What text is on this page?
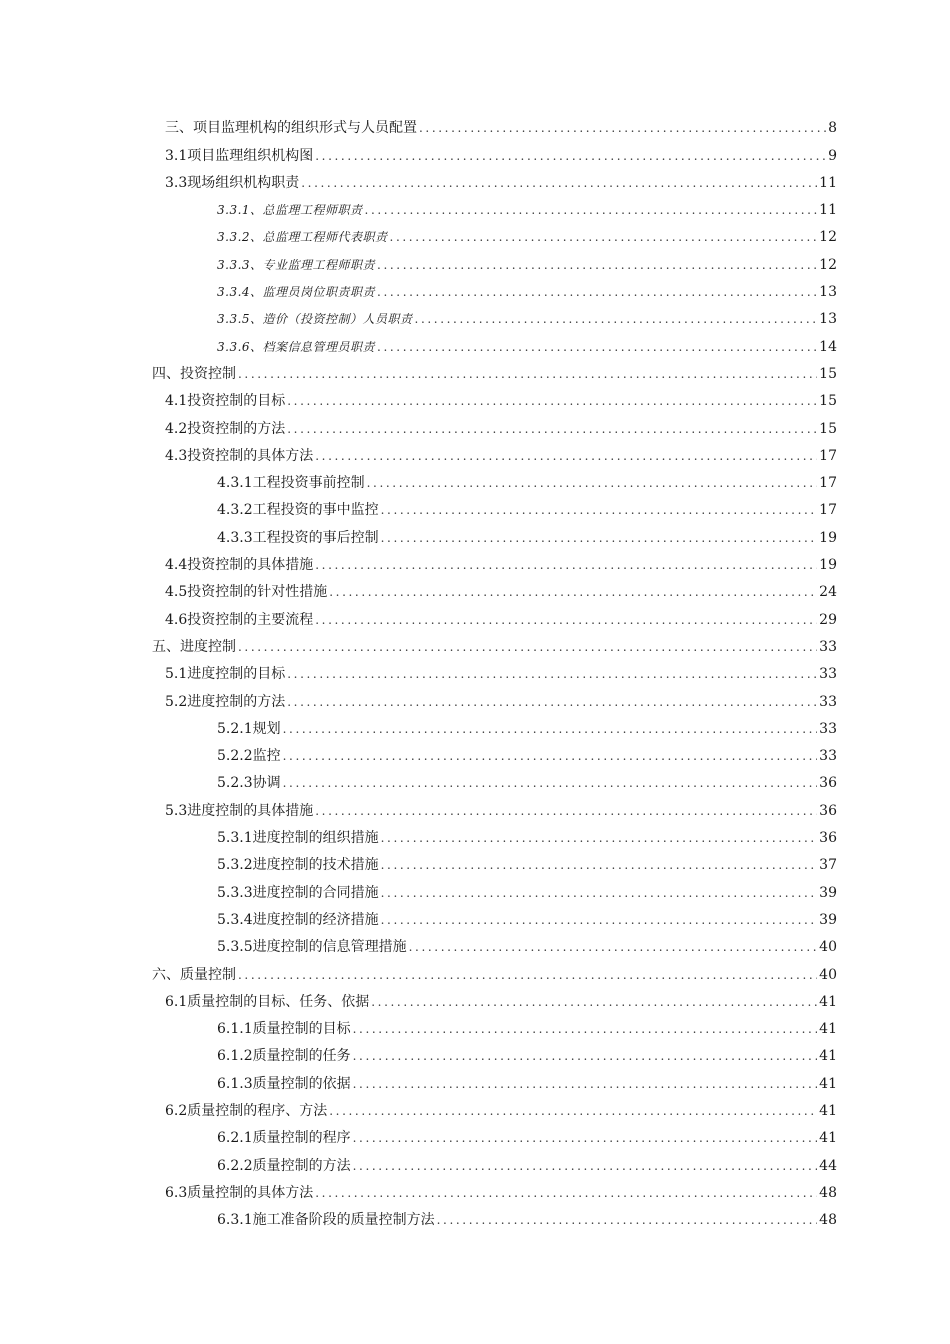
三、项目监理机构的组织形式与人员配置 .....	8
3.1项目监理组织机构图 .....	9
3.3现场组织机构职责 .....	11
3.3.1、总监理工程师职责 .....	11
3.3.2、总监理工程师代表职责 .....	12
3.3.3、专业监理工程师职责 .....	12
3.3.4、监理员岗位职责职责 .....	13
3.3.5、造价（投资控制）人员职责 .....	13
3.3.6、档案信息管理员职责 .....	14
四、投资控制 .....	15
4.1投资控制的目标 .....	15
4.2投资控制的方法 .....	15
4.3投资控制的具体方法 .....	17
4.3.1工程投资事前控制 .....	17
4.3.2工程投资的事中监控 .....	17
4.3.3工程投资的事后控制 .....	19
4.4投资控制的具体措施 .....	19
4.5投资控制的针对性措施 .....	24
4.6投资控制的主要流程 .....	29
五、进度控制 .....	33
5.1进度控制的目标 .....	33
5.2进度控制的方法 .....	33
5.2.1规划 .....	33
5.2.2监控 .....	33
5.2.3协调 .....	36
5.3进度控制的具体措施 .....	36
5.3.1进度控制的组织措施 .....	36
5.3.2进度控制的技术措施 .....	37
5.3.3进度控制的合同措施 .....	39
5.3.4进度控制的经济措施 .....	39
5.3.5进度控制的信息管理措施 .....	40
六、质量控制 .....	40
6.1质量控制的目标、任务、依据 .....	41
6.1.1质量控制的目标 .....	41
6.1.2质量控制的任务 .....	41
6.1.3质量控制的依据 .....	41
6.2质量控制的程序、方法 .....	41
6.2.1质量控制的程序 .....	41
6.2.2质量控制的方法 .....	44
6.3质量控制的具体方法 .....	48
6.3.1施工准备阶段的质量控制方法 .....	48
